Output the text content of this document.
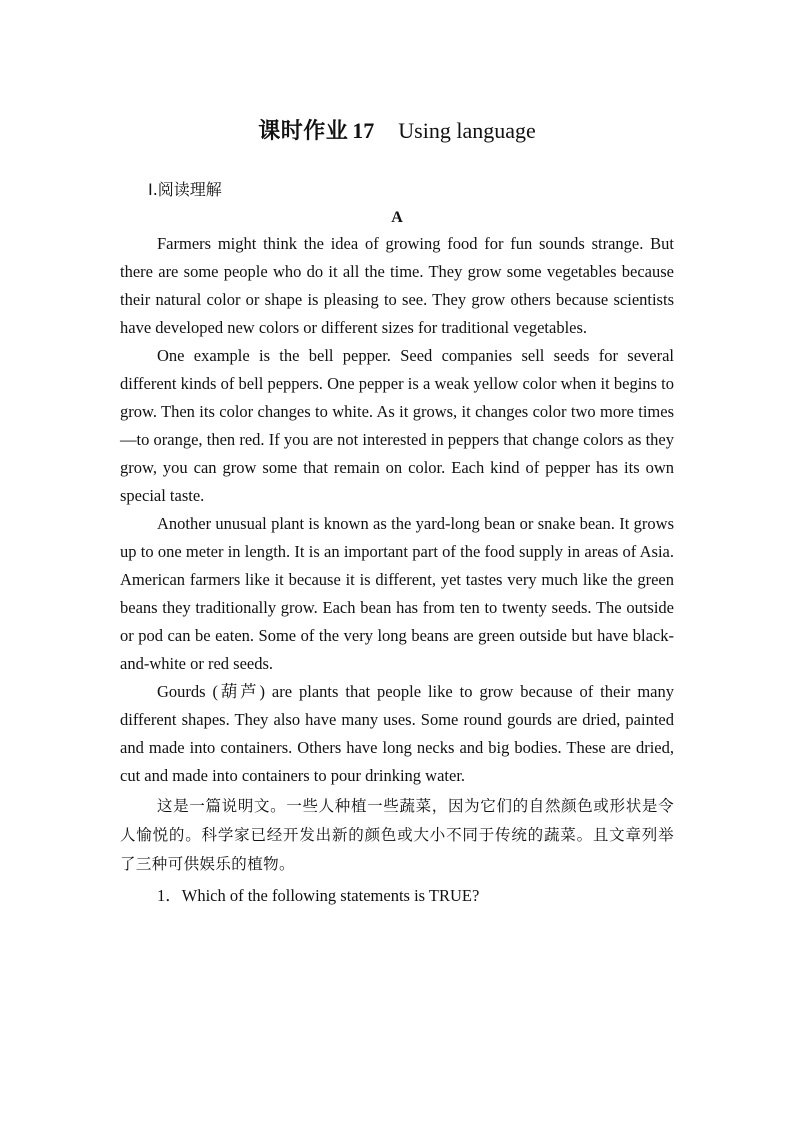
课时作业 17 Using language
Ⅰ.阅读理解
A

Farmers might think the idea of growing food for fun sounds strange. But there are some people who do it all the time. They grow some vegetables because their natural color or shape is pleasing to see. They grow others because scientists have developed new colors or different sizes for traditional vegetables.

One example is the bell pepper. Seed companies sell seeds for several different kinds of bell peppers. One pepper is a weak yellow color when it begins to grow. Then its color changes to white. As it grows, it changes color two more times—to orange, then red. If you are not interested in peppers that change colors as they grow, you can grow some that remain on color. Each kind of pepper has its own special taste.

Another unusual plant is known as the yard-long bean or snake bean. It grows up to one meter in length. It is an important part of the food supply in areas of Asia. American farmers like it because it is different, yet tastes very much like the green beans they traditionally grow. Each bean has from ten to twenty seeds. The outside or pod can be eaten. Some of the very long beans are green outside but have black-and-white or red seeds.

Gourds (葫芦) are plants that people like to grow because of their many different shapes. They also have many uses. Some round gourds are dried, painted and made into containers. Others have long necks and big bodies. These are dried, cut and made into containers to pour drinking water.

这是一篇说明文。一些人种植一些蔬菜，因为它们的自然颜色或形状是令人愉悦的。科学家已经开发出新的颜色或大小不同于传统的蔬菜。且文章列举了三种可供娱乐的植物。

1．Which of the following statements is TRUE?
